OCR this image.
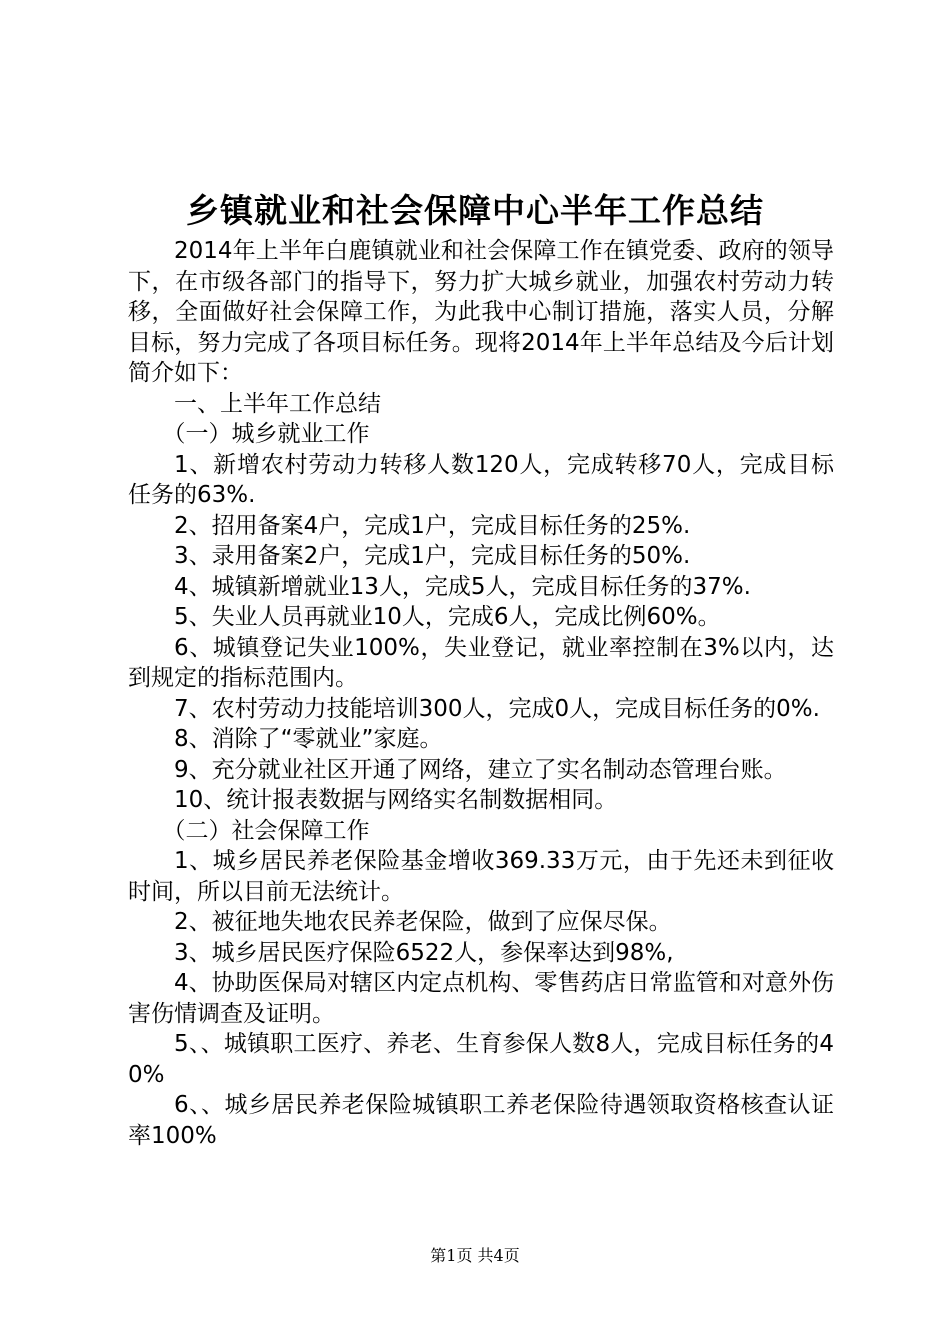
乡镇就业和社会保障中心半年工作总结

2014年上半年白鹿镇就业和社会保障工作在镇党委、政府的领导下，在市级各部门的指导下，努力扩大城乡就业，加强农村劳动力转移，全面做好社会保障工作，为此我中心制订措施，落实人员，分解目标，努力完成了各项目标任务。现将2014年上半年总结及今后计划简介如下：

一、上半年工作总结

（一）城乡就业工作

1、新增农村劳动力转移人数120人，完成转移70人，完成目标任务的63%.

2、招用备案4户，完成1户，完成目标任务的25%.

3、录用备案2户，完成1户，完成目标任务的50%.

4、城镇新增就业13人，完成5人，完成目标任务的37%.

5、失业人员再就业10人，完成6人，完成比例60%。

6、城镇登记失业100%，失业登记，就业率控制在3%以内，达到规定的指标范围内。

7、农村劳动力技能培训300人，完成0人，完成目标任务的0%.

8、消除了“零就业”家庭。

9、充分就业社区开通了网络，建立了实名制动态管理台账。

10、统计报表数据与网络实名制数据相同。

（二）社会保障工作

1、城乡居民养老保险基金增收369.33万元，由于先还未到征收时间，所以目前无法统计。

2、被征地失地农民养老保险，做到了应保尽保。

3、城乡居民医疗保险6522人，参保率达到98%,

4、协助医保局对辖区内定点机构、零售药店日常监管和对意外伤害伤情调查及证明。

5、、城镇职工医疗、养老、生育参保人数8人，完成目标任务的40%

6、、城乡居民养老保险城镇职工养老保险待遇领取资格核查认证率100%

第1页 共4页
